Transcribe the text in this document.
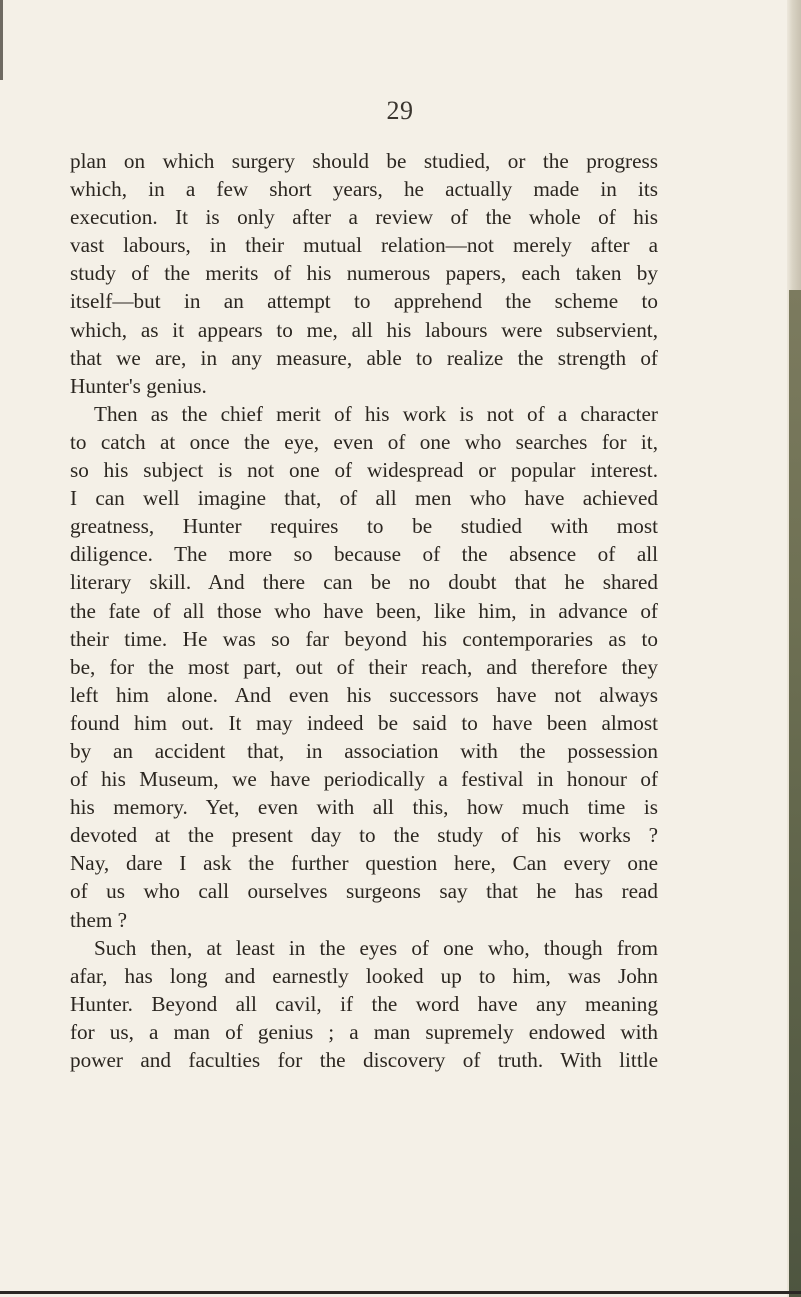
29
plan on which surgery should be studied, or the progress
which, in a few short years, he actually made in its
execution. It is only after a review of the whole of his
vast labours, in their mutual relation—not merely after a
study of the merits of his numerous papers, each taken by
itself—but in an attempt to apprehend the scheme to
which, as it appears to me, all his labours were subservient,
that we are, in any measure, able to realize the strength of
Hunter's genius.
Then as the chief merit of his work is not of a character
to catch at once the eye, even of one who searches for it,
so his subject is not one of widespread or popular interest.
I can well imagine that, of all men who have achieved
greatness, Hunter requires to be studied with most
diligence. The more so because of the absence of all
literary skill. And there can be no doubt that he shared
the fate of all those who have been, like him, in advance of
their time. He was so far beyond his contemporaries as to
be, for the most part, out of their reach, and therefore they
left him alone. And even his successors have not always
found him out. It may indeed be said to have been almost
by an accident that, in association with the possession
of his Museum, we have periodically a festival in honour of
his memory. Yet, even with all this, how much time is
devoted at the present day to the study of his works ?
Nay, dare I ask the further question here, Can every one
of us who call ourselves surgeons say that he has read
them ?
Such then, at least in the eyes of one who, though from
afar, has long and earnestly looked up to him, was John
Hunter. Beyond all cavil, if the word have any meaning
for us, a man of genius ; a man supremely endowed with
power and faculties for the discovery of truth. With little
